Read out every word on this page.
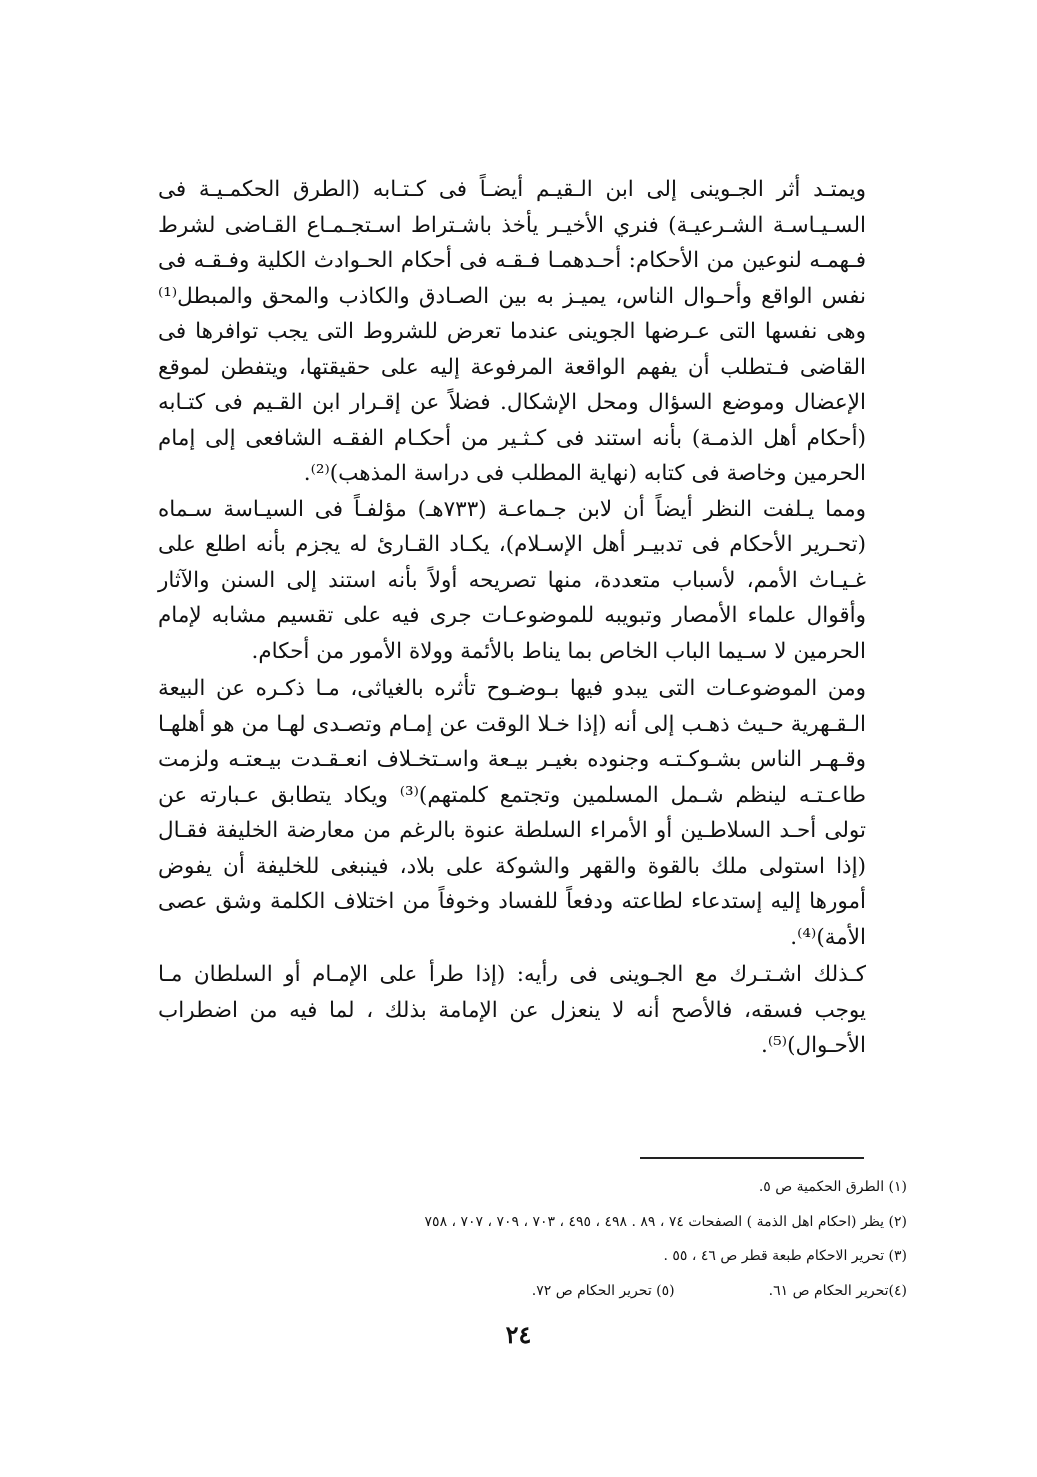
ويمتـد أثر الجـوينى إلى ابن الـقيـم أيضـاً فى كـتـابه (الطرق الحكمـيـة فى السـيـاسـة الشـرعيـة) فنري الأخيـر يأخذ باشـتراط اسـتجـمـاع القـاضى لشرط فـهمـه لنوعين من الأحكام: أحـدهمـا فـقـه فى أحكام الحـوادث الكلية وفـقـه فى نفس الواقع وأحـوال الناس، يميـز به بين الصـادق والكاذب والمحق والمبطل⁽¹⁾وهى نفسها التى عـرضها الجوينى عندما تعرض للشروط التى يجب توافرها فى القاضى فـتطلب أن يفهم الواقعة المرفوعة إليه على حقيقتها، ويتفطن لموقع الإعضال وموضع السؤال ومحل الإشكال. فضلاً عن إقـرار ابن القـيم فى كتـابه (أحكام أهل الذمـة) بأنه استند فى كـثـير من أحكـام الفقـه الشافعى إلى إمام الحرمين وخاصة فى كتابه (نهاية المطلب فى دراسة المذهب)⁽²⁾.

ومما يـلفت النظر أيضاً أن لابن جـماعـة (٧٣٣هـ) مؤلفـاً فى السيـاسة سـماه (تحـرير الأحكام فى تدبيـر أهل الإسـلام)، يكـاد القـارئ له يجزم بأنه اطلع على غـيـاث الأمم، لأسباب متعددة، منها تصريحه أولاً بأنه استند إلى السنن والآثار وأقوال علماء الأمصار وتبويبه للموضوعـات جرى فيه على تقسيم مشابه لإمام الحرمين لا سـيما الباب الخاص بما يناط بالأئمة وولاة الأمور من أحكام.

ومن الموضوعـات التى يبدو فيها بـوضـوح تأثره بالغياثى، مـا ذكـره عن البيعة الـقـهرية حـيث ذهـب إلى أنه (إذا خـلا الوقت عن إمـام وتصـدى لهـا من هو أهلهـا وقـهـر الناس بشـوكـتـه وجنوده بغيـر بيـعة واسـتخـلاف انعـقـدت بيـعتـه ولزمت طاعـتـه لينظم شـمل المسلمين وتجتمع كلمتهم)⁽³⁾ ويكاد يتطابق عـبارته عن تولى أحـد السلاطـين أو الأمراء السلطة عنوة بالرغم من معارضة الخليفة فقـال (إذا استولى ملك بالقوة والقهر والشوكة على بلاد، فينبغى للخليفة أن يفوض أمورها إليه إستدعاء لطاعته ودفعاً للفساد وخوفاً من اختلاف الكلمة وشق عصى الأمة)⁽⁴⁾.

كـذلك اشـتـرك مع الجـوينى فى رأيه: (إذا طرأ على الإمـام أو السلطان مـا يوجب فسقه، فالأصح أنه لا ينعزل عن الإمامة بذلك ، لما فيه من اضطراب الأحـوال)⁽⁵⁾.

(١) الطرق الحكمية ص ٥.
(٢) يظر (احكام اهل الذمة ) الصفحات ٧٤ ، ٨٩ . ٤٩٨ ، ٤٩٥ ، ٧٠٣ ، ٧٠٩ ، ٧٠٧ ، ٧٥٨
(٣) تحرير الاحكام طبعة قطر ص ٤٦ ، ٥٥ .
(٤)تحرير الحكام ص ٦١.
(٥) تحرير الحكام ص ٧٢.
٢٤
